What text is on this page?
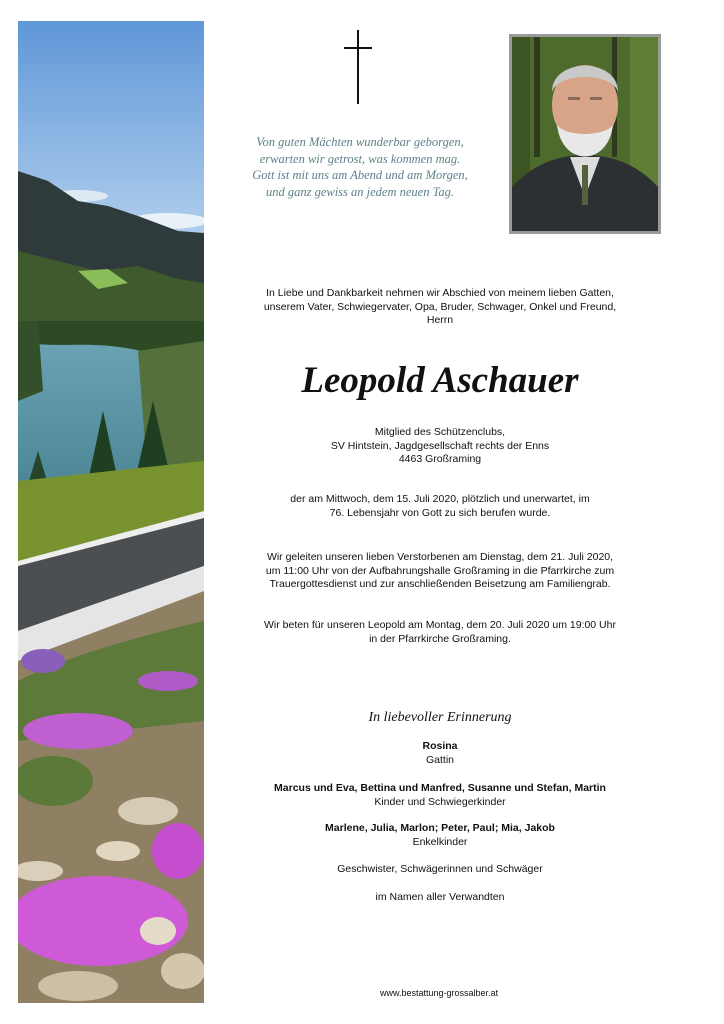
Von guten Mächten wunderbar geborgen,
erwarten wir getrost, was kommen mag.
Gott ist mit uns am Abend und am Morgen,
und ganz gewiss an jedem neuen Tag.
In Liebe und Dankbarkeit nehmen wir Abschied von meinem lieben Gatten,
unserem Vater, Schwiegervater, Opa, Bruder, Schwager, Onkel und Freund,
Herrn
Leopold Aschauer
Mitglied des Schützenclubs,
SV Hintstein, Jagdgesellschaft rechts der Enns
4463 Großraming
der am Mittwoch, dem 15. Juli 2020, plötzlich und unerwartet, im
76. Lebensjahr von Gott zu sich berufen wurde.
Wir geleiten unseren lieben Verstorbenen am Dienstag, dem 21. Juli 2020,
um 11:00 Uhr von der Aufbahrungshalle Großraming in die Pfarrkirche zum
Trauergottesdienst und zur anschließenden Beisetzung am Familiengrab.
Wir beten für unseren Leopold am Montag, dem 20. Juli 2020 um 19:00 Uhr
in der Pfarrkirche Großraming.
In liebevoller Erinnerung
Rosina
Gattin
Marcus und Eva, Bettina und Manfred, Susanne und Stefan, Martin
Kinder und Schwiegerkinder
Marlene, Julia, Marlon; Peter, Paul; Mia, Jakob
Enkelkinder
Geschwister, Schwägerinnen und Schwäger
im Namen aller Verwandten
www.bestattung-grossalber.at
